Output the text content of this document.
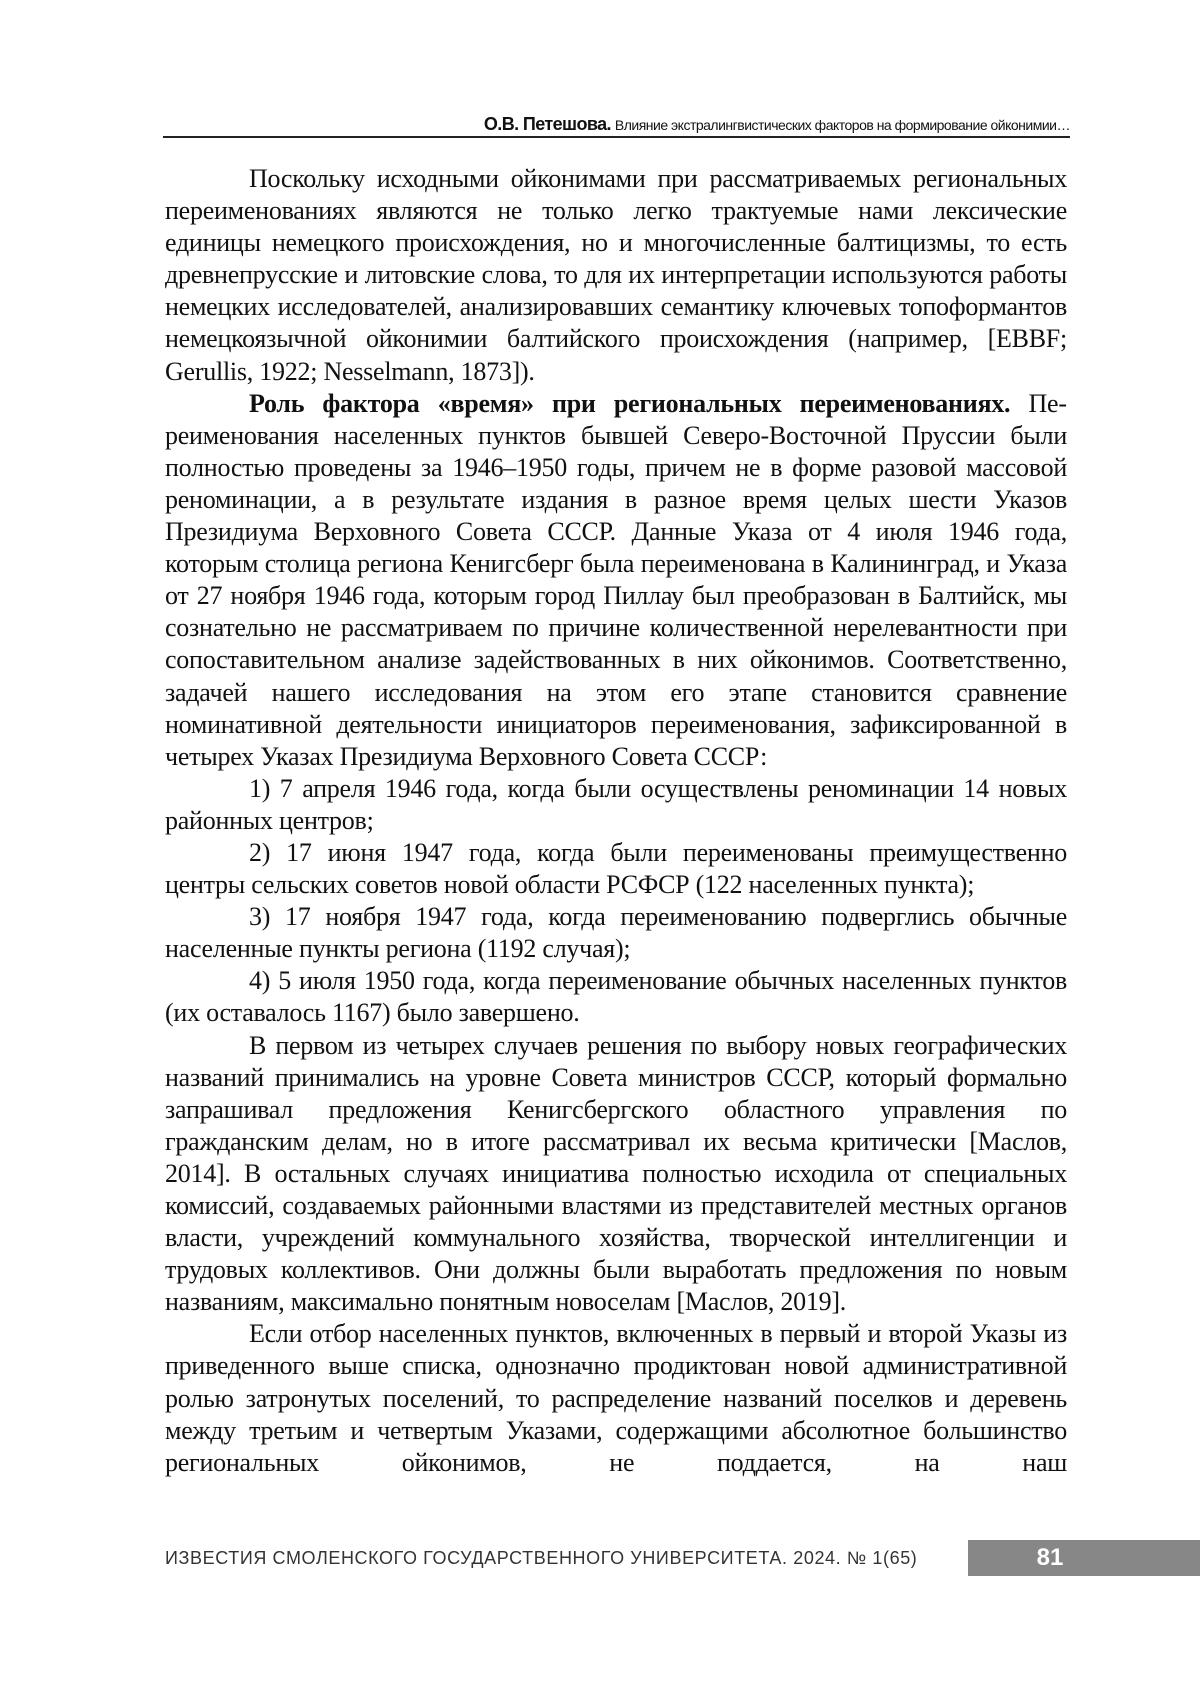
О.В. Петешова. Влияние экстралингвистических факторов на формирование ойконимии…

Поскольку исходными ойконимами при рассматриваемых региональных переименованиях являются не только легко трактуемые нами лексические единицы немецкого происхождения, но и многочисленные балтицизмы, то есть древнепрусские и литовские слова, то для их интерпретации используются работы немецких исследователей, анализировавших семантику ключевых топоформантов немецкоязычной ойконимии балтийского происхождения (например, [EBBF; Gerullis, 1922; Nesselmann, 1873]).

Роль фактора «время» при региональных переименованиях. Переименования населенных пунктов бывшей Северо-Восточной Пруссии были полностью проведены за 1946–1950 годы, причем не в форме разовой массовой реноминации, а в результате издания в разное время целых шести Указов Президиума Верховного Совета СССР. Данные Указа от 4 июля 1946 года, которым столица региона Кенигсберг была переименована в Калининград, и Указа от 27 ноября 1946 года, которым город Пиллау был преобразован в Балтийск, мы сознательно не рассматриваем по причине количественной нерелевантности при сопоставительном анализе задействованных в них ойконимов. Соответственно, задачей нашего исследования на этом его этапе становится сравнение номинативной деятельности инициаторов переименования, зафиксированной в четырех Указах Президиума Верховного Совета СССР:

1) 7 апреля 1946 года, когда были осуществлены реноминации 14 новых районных центров;

2) 17 июня 1947 года, когда были переименованы преимущественно центры сельских советов новой области РСФСР (122 населенных пункта);

3) 17 ноября 1947 года, когда переименованию подверглись обычные населенные пункты региона (1192 случая);

4) 5 июля 1950 года, когда переименование обычных населенных пунктов (их оставалось 1167) было завершено.

В первом из четырех случаев решения по выбору новых географических названий принимались на уровне Совета министров СССР, который формально запрашивал предложения Кенигсбергского областного управления по гражданским делам, но в итоге рассматривал их весьма критически [Маслов, 2014]. В остальных случаях инициатива полностью исходила от специальных комиссий, создаваемых районными властями из представителей местных органов власти, учреждений коммунального хозяйства, творческой интеллигенции и трудовых коллективов. Они должны были выработать предложения по новым названиям, максимально понятным новоселам [Маслов, 2019].

Если отбор населенных пунктов, включенных в первый и второй Указы из приведенного выше списка, однозначно продиктован новой административной ролью затронутых поселений, то распределение названий поселков и деревень между третьим и четвертым Указами, содержащими абсолютное большинство региональных ойконимов, не поддается, на наш

ИЗВЕСТИЯ СМОЛЕНСКОГО ГОСУДАРСТВЕННОГО УНИВЕРСИТЕТА. 2024. № 1(65)	81
